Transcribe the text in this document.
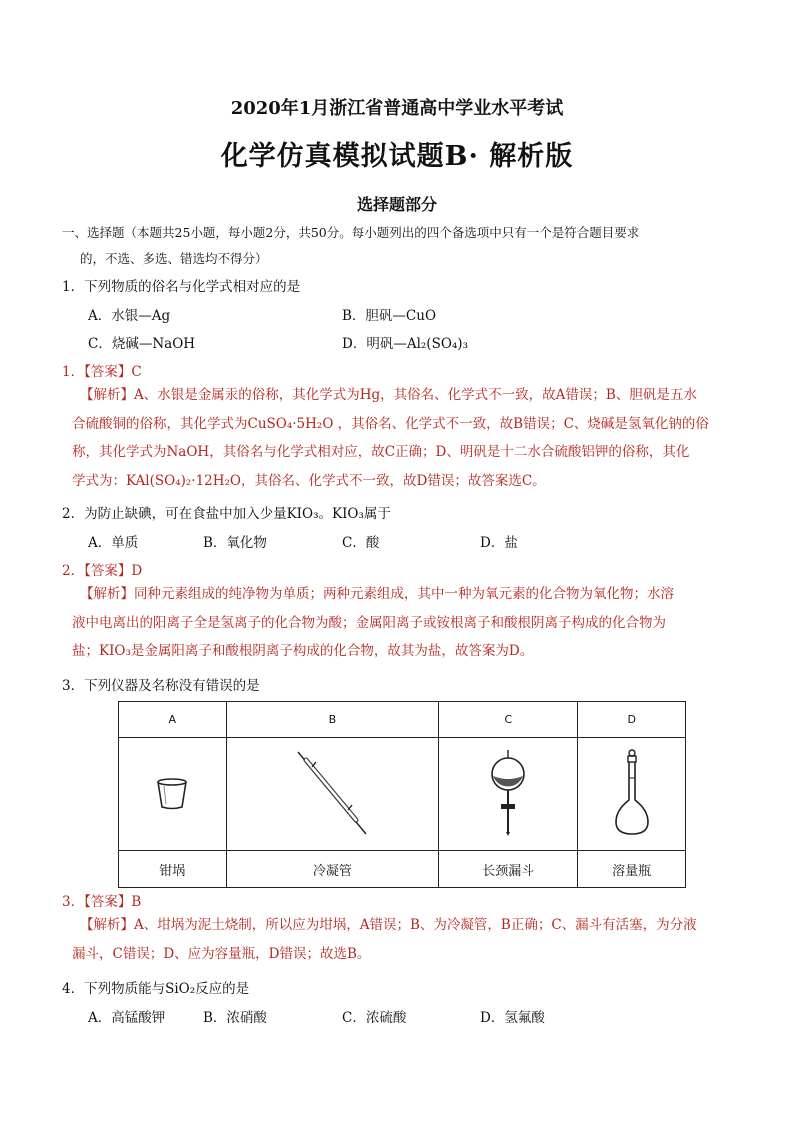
2020年1月浙江省普通高中学业水平考试
化学仿真模拟试题B· 解析版
选择题部分
一、选择题（本题共25小题，每小题2分，共50分。每小题列出的四个备选项中只有一个是符合题目要求
的，不选、多选、错选均不得分）
1．下列物质的俗名与化学式相对应的是
A．水银—Ag	B．胆矾—CuO
C．烧碱—NaOH	D．明矾—Al₂(SO₄)₃
1．【答案】C
【解析】A、水银是金属汞的俗称，其化学式为Hg，其俗名、化学式不一致，故A错误；B、胆矾是五水
合硫酸铜的俗称，其化学式为CuSO₄·5H₂O ，其俗名、化学式不一致，故B错误；C、烧碱是氢氧化钠的俗
称，其化学式为NaOH，其俗名与化学式相对应，故C正确；D、明矾是十二水合硫酸铝钾的俗称，其化
学式为：KAl(SO₄)₂·12H₂O，其俗名、化学式不一致，故D错误；故答案选C。
2．为防止缺碘，可在食盐中加入少量KIO₃。KIO₃属于
A．单质	B．氧化物	C．酸	D．盐
2．【答案】D
【解析】同种元素组成的纯净物为单质；两种元素组成，其中一种为氧元素的化合物为氧化物；水溶
液中电离出的阳离子全是氢离子的化合物为酸；金属阳离子或铵根离子和酸根阴离子构成的化合物为
盐；KIO₃是金属阳离子和酸根阴离子构成的化合物，故其为盐，故答案为D。
3．下列仪器及名称没有错误的是
A	B	C	D

钳埚	冷凝管	长颈漏斗	溶量瓶
3．【答案】B
【解析】A、坩埚为泥土烧制，所以应为坩埚，A错误；B、为冷凝管，B正确；C、漏斗有活塞，为分液
漏斗，C错误；D、应为容量瓶，D错误；故选B。
4．下列物质能与SiO₂反应的是
A．高锰酸钾	B．浓硝酸	C．浓硫酸	D．氢氟酸
